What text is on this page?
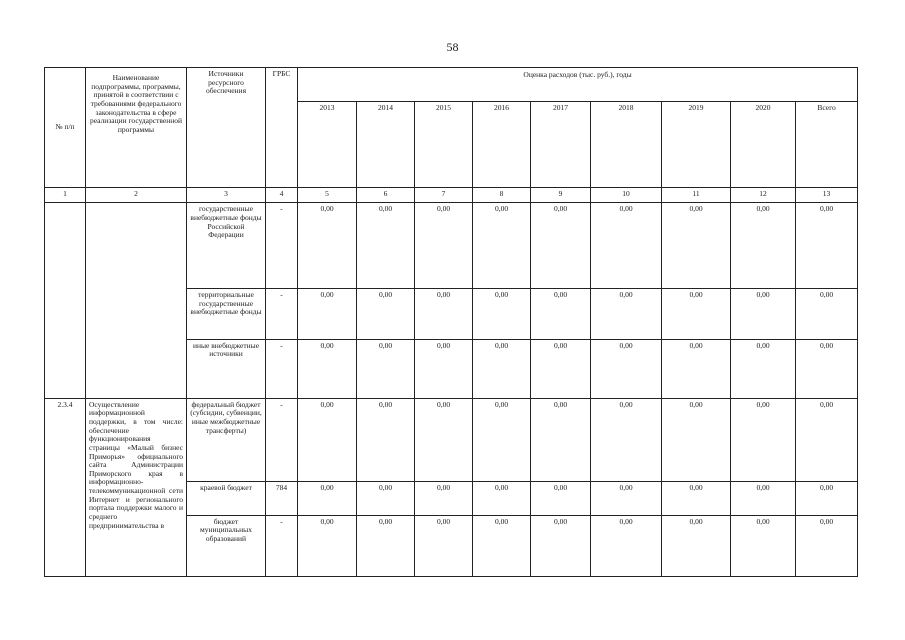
58
№ п/п	Наименование подпрограммы, программы, принятой в соответствии с требованиями федерального законодательства в сфере реализации государственной программы	Источники ресурсного обеспечения	ГРБС	Оценка расходов (тыс. руб.), годы								
				2013	2014	2015	2016	2017	2018	2019	2020	Всего
1	2	3	4	5	6	7	8	9	10	11	12	13
		государственные внебюджетные фонды Российской Федерации	-	0,00	0,00	0,00	0,00	0,00	0,00	0,00	0,00	0,00
		территориальные государственные внебюджетные фонды	-	0,00	0,00	0,00	0,00	0,00	0,00	0,00	0,00	0,00
		иные внебюджетные источники	-	0,00	0,00	0,00	0,00	0,00	0,00	0,00	0,00	0,00
2.3.4	Осуществление информационной поддержки, в том числе: обеспечение функционирования страницы «Малый бизнес Приморья» официального сайта Администрации Приморского края в информационно-телекоммуникационной сети Интернет и регионального портала поддержки малого и среднего предпринимательства в	федеральный бюджет (субсидии, субвенции, иные межбюджетные трансферты)	-	0,00	0,00	0,00	0,00	0,00	0,00	0,00	0,00	0,00
		краевой бюджет	784	0,00	0,00	0,00	0,00	0,00	0,00	0,00	0,00	0,00
		бюджет муниципальных образований	-	0,00	0,00	0,00	0,00	0,00	0,00	0,00	0,00	0,00
